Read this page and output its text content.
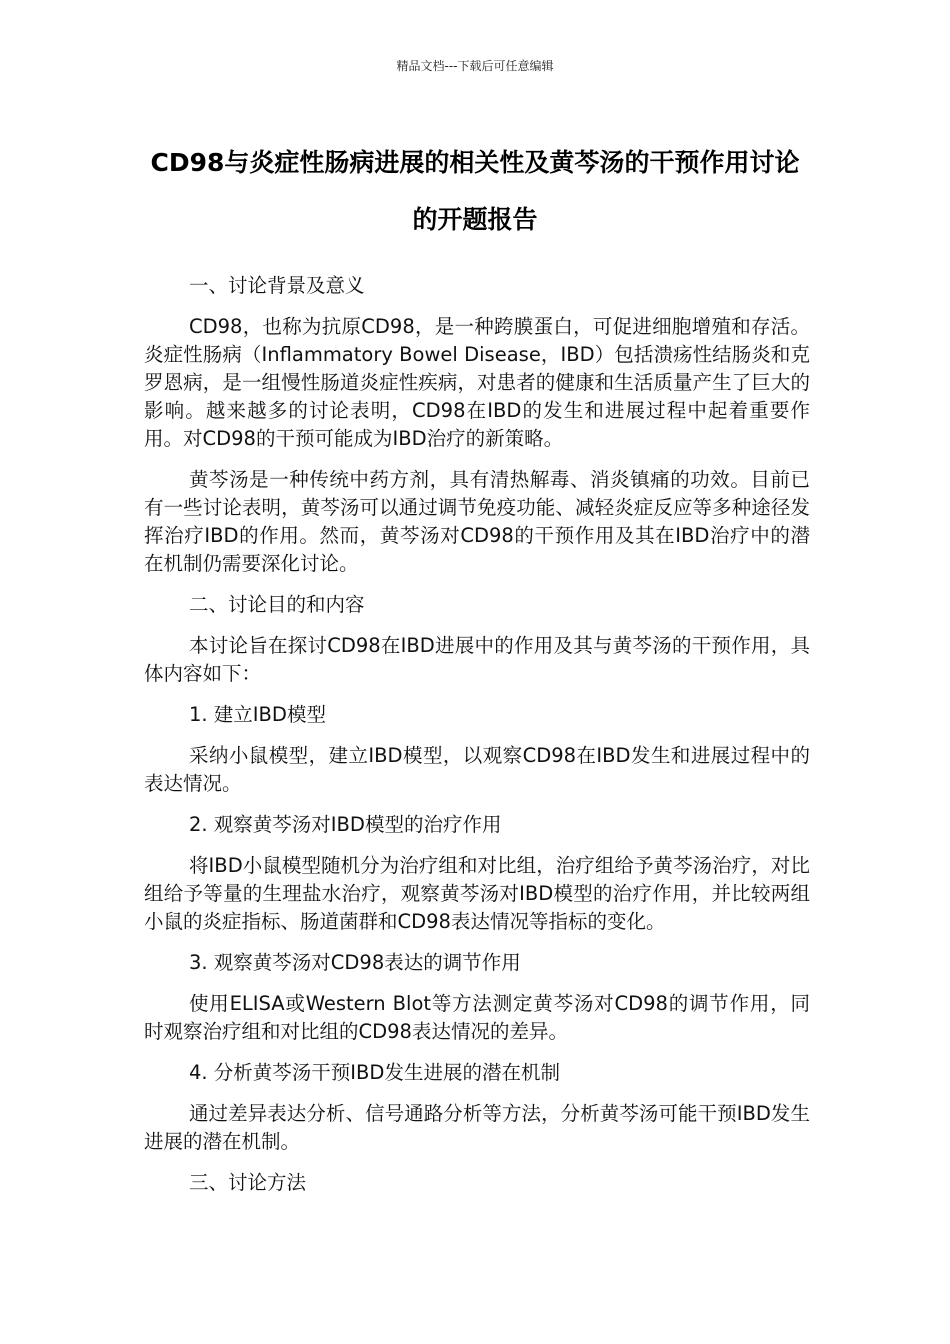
精品文档---下载后可任意编辑
CD98与炎症性肠病进展的相关性及黄芩汤的干预作用讨论的开题报告

一、讨论背景及意义

CD98，也称为抗原CD98，是一种跨膜蛋白，可促进细胞增殖和存活。炎症性肠病（Inflammatory Bowel Disease，IBD）包括溃疡性结肠炎和克罗恩病，是一组慢性肠道炎症性疾病，对患者的健康和生活质量产生了巨大的影响。越来越多的讨论表明，CD98在IBD的发生和进展过程中起着重要作用。对CD98的干预可能成为IBD治疗的新策略。

黄芩汤是一种传统中药方剂，具有清热解毒、消炎镇痛的功效。目前已有一些讨论表明，黄芩汤可以通过调节免疫功能、减轻炎症反应等多种途径发挥治疗IBD的作用。然而，黄芩汤对CD98的干预作用及其在IBD治疗中的潜在机制仍需要深化讨论。

二、讨论目的和内容

本讨论旨在探讨CD98在IBD进展中的作用及其与黄芩汤的干预作用，具体内容如下：

1. 建立IBD模型

采纳小鼠模型，建立IBD模型，以观察CD98在IBD发生和进展过程中的表达情况。

2. 观察黄芩汤对IBD模型的治疗作用

将IBD小鼠模型随机分为治疗组和对比组，治疗组给予黄芩汤治疗，对比组给予等量的生理盐水治疗，观察黄芩汤对IBD模型的治疗作用，并比较两组小鼠的炎症指标、肠道菌群和CD98表达情况等指标的变化。

3. 观察黄芩汤对CD98表达的调节作用

使用ELISA或Western Blot等方法测定黄芩汤对CD98的调节作用，同时观察治疗组和对比组的CD98表达情况的差异。

4. 分析黄芩汤干预IBD发生进展的潜在机制

通过差异表达分析、信号通路分析等方法，分析黄芩汤可能干预IBD发生进展的潜在机制。

三、讨论方法
